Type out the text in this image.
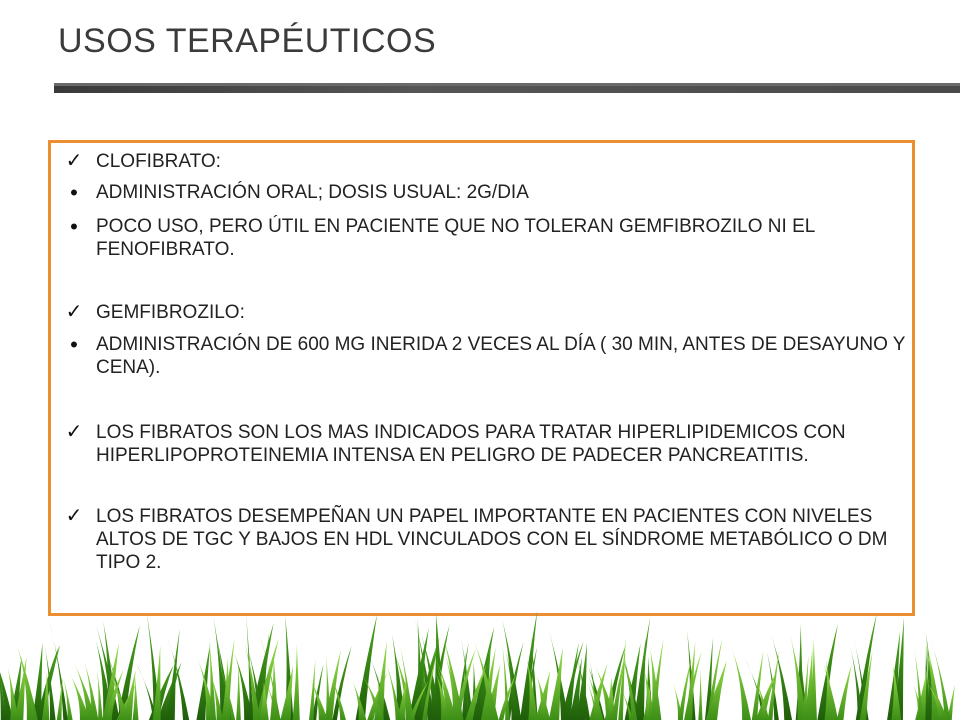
USOS TERAPÉUTICOS
✓ CLOFIBRATO:
• ADMINISTRACIÓN ORAL; DOSIS USUAL: 2G/DIA
• POCO USO, PERO ÚTIL EN PACIENTE QUE NO TOLERAN GEMFIBROZILO NI EL FENOFIBRATO.
✓ GEMFIBROZILO:
• ADMINISTRACIÓN DE 600 MG INERIDA 2 VECES AL DÍA ( 30 MIN, ANTES DE DESAYUNO Y CENA).
✓ LOS FIBRATOS SON LOS MAS INDICADOS PARA TRATAR HIPERLIPIDEMICOS CON HIPERLIPOPROTEINEMIA INTENSA EN PELIGRO DE PADECER PANCREATITIS.
✓ LOS FIBRATOS DESEMPEÑAN UN PAPEL IMPORTANTE EN PACIENTES CON NIVELES ALTOS DE TGC Y BAJOS EN HDL VINCULADOS CON EL SÍNDROME METABÓLICO O DM TIPO 2.
